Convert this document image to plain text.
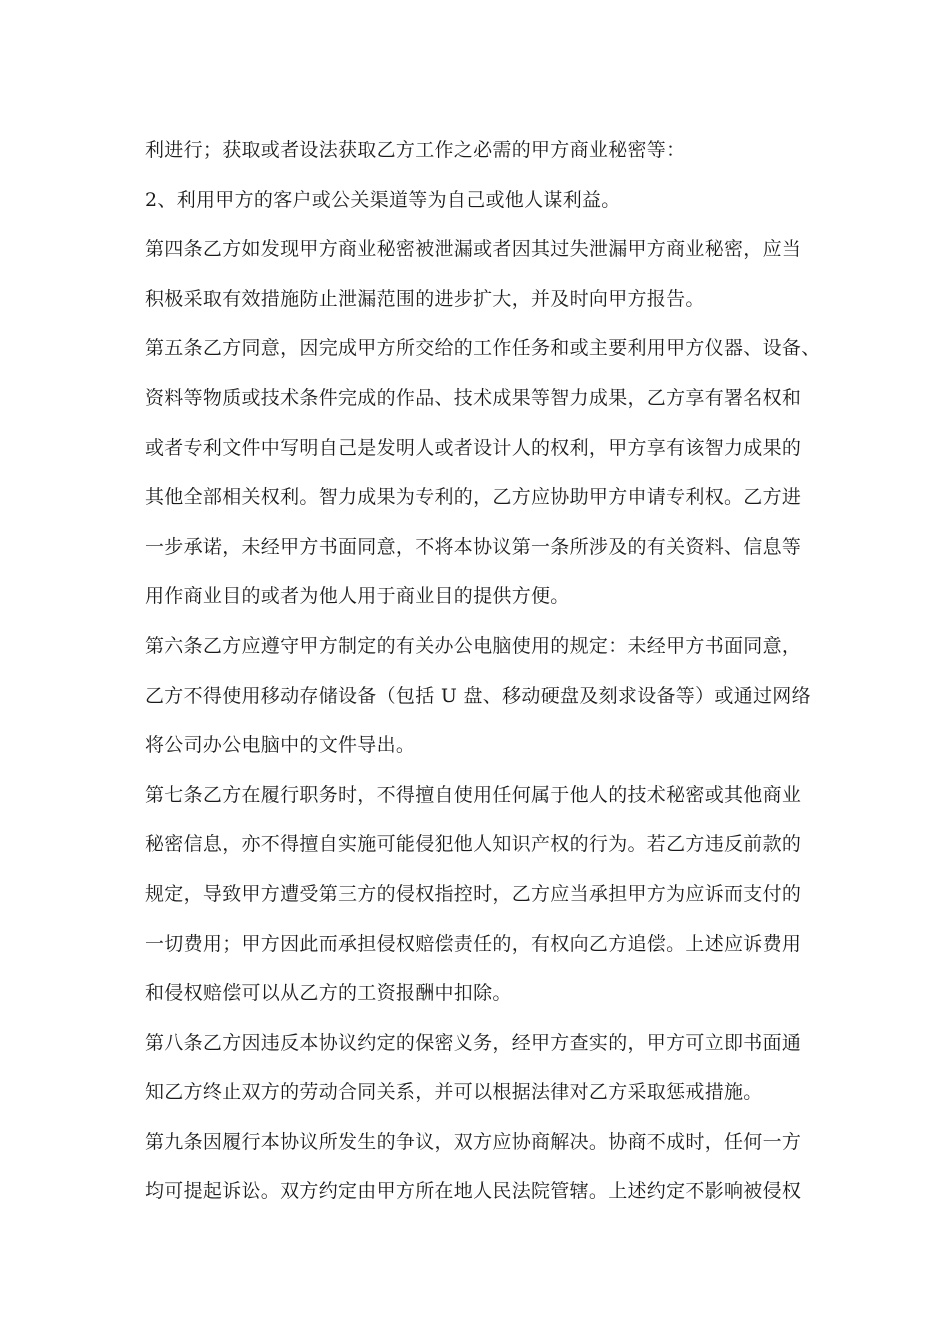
利进行；获取或者设法获取乙方工作之必需的甲方商业秘密等：
2、利用甲方的客户或公关渠道等为自己或他人谋利益。
第四条乙方如发现甲方商业秘密被泄漏或者因其过失泄漏甲方商业秘密，应当
积极采取有效措施防止泄漏范围的进步扩大，并及时向甲方报告。
第五条乙方同意，因完成甲方所交给的工作任务和或主要利用甲方仪器、设备、
资料等物质或技术条件完成的作品、技术成果等智力成果，乙方享有署名权和
或者专利文件中写明自己是发明人或者设计人的权利，甲方享有该智力成果的
其他全部相关权利。智力成果为专利的，乙方应协助甲方申请专利权。乙方进
一步承诺，未经甲方书面同意，不将本协议第一条所涉及的有关资料、信息等
用作商业目的或者为他人用于商业目的提供方便。
第六条乙方应遵守甲方制定的有关办公电脑使用的规定：未经甲方书面同意，
乙方不得使用移动存储设备（包括 U 盘、移动硬盘及刻求设备等）或通过网络
将公司办公电脑中的文件导出。
第七条乙方在履行职务时，不得擅自使用任何属于他人的技术秘密或其他商业
秘密信息，亦不得擅自实施可能侵犯他人知识产权的行为。若乙方违反前款的
规定，导致甲方遭受第三方的侵权指控时，乙方应当承担甲方为应诉而支付的
一切费用；甲方因此而承担侵权赔偿责任的，有权向乙方追偿。上述应诉费用
和侵权赔偿可以从乙方的工资报酬中扣除。
第八条乙方因违反本协议约定的保密义务，经甲方查实的，甲方可立即书面通
知乙方终止双方的劳动合同关系，并可以根据法律对乙方采取惩戒措施。
第九条因履行本协议所发生的争议，双方应协商解决。协商不成时，任何一方
均可提起诉讼。双方约定由甲方所在地人民法院管辖。上述约定不影响被侵权
